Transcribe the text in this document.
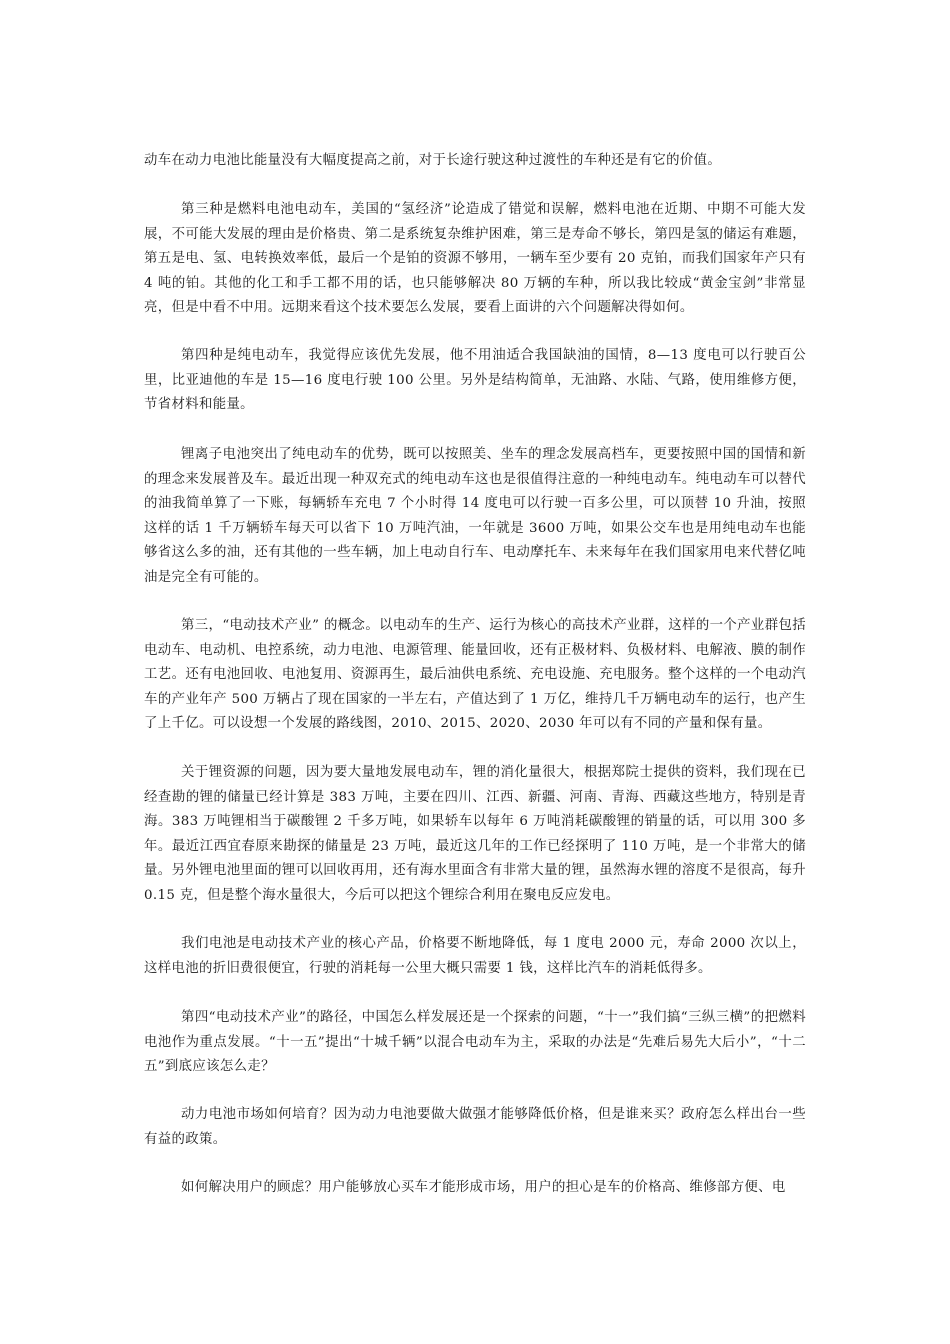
动车在动力电池比能量没有大幅度提高之前，对于长途行驶这种过渡性的车种还是有它的价值。

第三种是燃料电池电动车，美国的“氢经济”论造成了错觉和误解，燃料电池在近期、中期不可能大发展，不可能大发展的理由是价格贵、第二是系统复杂维护困难，第三是寿命不够长，第四是氢的储运有难题，第五是电、氢、电转换效率低，最后一个是铂的资源不够用，一辆车至少要有 20 克铂，而我们国家年产只有 4 吨的铂。其他的化工和手工都不用的话，也只能够解决 80 万辆的车种，所以我比较成“黄金宝剑”非常显亮，但是中看不中用。远期来看这个技术要怎么发展，要看上面讲的六个问题解决得如何。

第四种是纯电动车，我觉得应该优先发展，他不用油适合我国缺油的国情，8—13 度电可以行驶百公里，比亚迪他的车是 15—16 度电行驶 100 公里。另外是结构简单，无油路、水陆、气路，使用维修方便，节省材料和能量。

锂离子电池突出了纯电动车的优势，既可以按照美、坐车的理念发展高档车，更要按照中国的国情和新的理念来发展普及车。最近出现一种双充式的纯电动车这也是很值得注意的一种纯电动车。纯电动车可以替代的油我简单算了一下账，每辆轿车充电 7 个小时得 14 度电可以行驶一百多公里，可以顶替 10 升油，按照这样的话 1 千万辆轿车每天可以省下 10 万吨汽油，一年就是 3600 万吨，如果公交车也是用纯电动车也能够省这么多的油，还有其他的一些车辆，加上电动自行车、电动摩托车、未来每年在我们国家用电来代替亿吨油是完全有可能的。

第三，“电动技术产业” 的概念。以电动车的生产、运行为核心的高技术产业群，这样的一个产业群包括电动车、电动机、电控系统，动力电池、电源管理、能量回收，还有正极材料、负极材料、电解液、膜的制作工艺。还有电池回收、电池复用、资源再生，最后油供电系统、充电设施、充电服务。整个这样的一个电动汽车的产业年产 500 万辆占了现在国家的一半左右，产值达到了 1 万亿，维持几千万辆电动车的运行，也产生了上千亿。可以设想一个发展的路线图，2010、2015、2020、2030 年可以有不同的产量和保有量。

关于锂资源的问题，因为要大量地发展电动车，锂的消化量很大，根据郑院士提供的资料，我们现在已经查勘的锂的储量已经计算是 383 万吨，主要在四川、江西、新疆、河南、青海、西藏这些地方，特别是青海。383 万吨锂相当于碳酸锂 2 千多万吨，如果轿车以每年 6 万吨消耗碳酸锂的销量的话，可以用 300 多年。最近江西宜春原来勘探的储量是 23 万吨，最近这几年的工作已经探明了 110 万吨，是一个非常大的储量。另外锂电池里面的锂可以回收再用，还有海水里面含有非常大量的锂，虽然海水锂的溶度不是很高，每升 0.15 克，但是整个海水量很大，今后可以把这个锂综合利用在聚电反应发电。

我们电池是电动技术产业的核心产品，价格要不断地降低，每 1 度电 2000 元，寿命 2000 次以上，这样电池的折旧费很便宜，行驶的消耗每一公里大概只需要 1 钱，这样比汽车的消耗低得多。

第四“电动技术产业”的路径，中国怎么样发展还是一个探索的问题，“十一”我们搞“三纵三横”的把燃料电池作为重点发展。“十一五”提出“十城千辆”以混合电动车为主，采取的办法是“先难后易先大后小”，“十二五”到底应该怎么走？

动力电池市场如何培育？因为动力电池要做大做强才能够降低价格，但是谁来买？政府怎么样出台一些有益的政策。

如何解决用户的顾虑？用户能够放心买车才能形成市场，用户的担心是车的价格高、维修部方便、电
